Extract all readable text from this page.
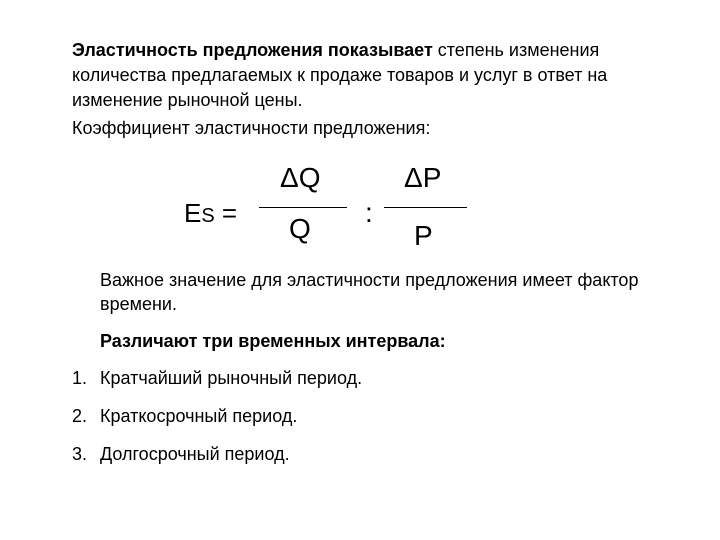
Эластичность предложения показывает степень изменения количества предлагаемых к продаже товаров и услуг в ответ на изменение рыночной цены.

Коэффициент эластичности предложения:
ES =
ΔQ
Q
:
ΔP
P
Важное значение для эластичности предложения имеет фактор времени.
Различают три временных интервала:
1. Кратчайший рыночный период.
2. Краткосрочный период.
3. Долгосрочный период.
